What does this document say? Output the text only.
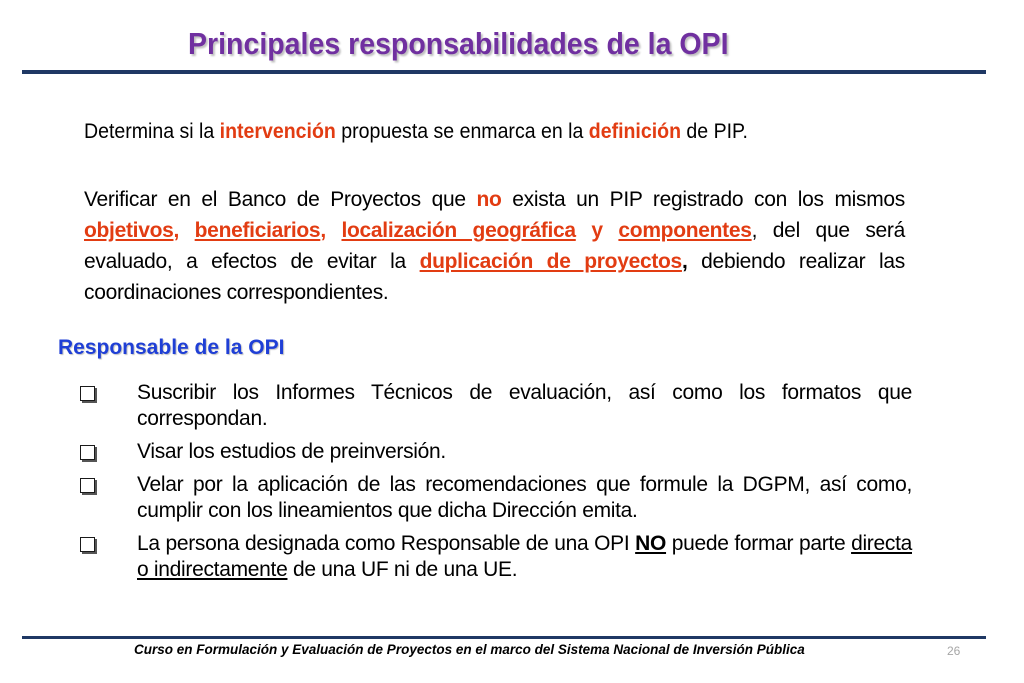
Principales responsabilidades de la OPI
Determina si la intervención propuesta se enmarca en la definición de PIP.
Verificar en el Banco de Proyectos que no exista un PIP registrado con los mismos objetivos, beneficiarios, localización geográfica y componentes, del que será evaluado, a efectos de evitar la duplicación de proyectos, debiendo realizar las coordinaciones correspondientes.
Responsable de la OPI
Suscribir los Informes Técnicos de evaluación, así como los formatos que correspondan.
Visar los estudios de preinversión.
Velar por la aplicación de las recomendaciones que formule la DGPM, así como, cumplir con los lineamientos que dicha Dirección emita.
La persona designada como Responsable de una OPI NO puede formar parte directa o indirectamente de una UF ni de una UE.
Curso en Formulación y Evaluación de Proyectos en el marco del Sistema Nacional de Inversión Pública	26
